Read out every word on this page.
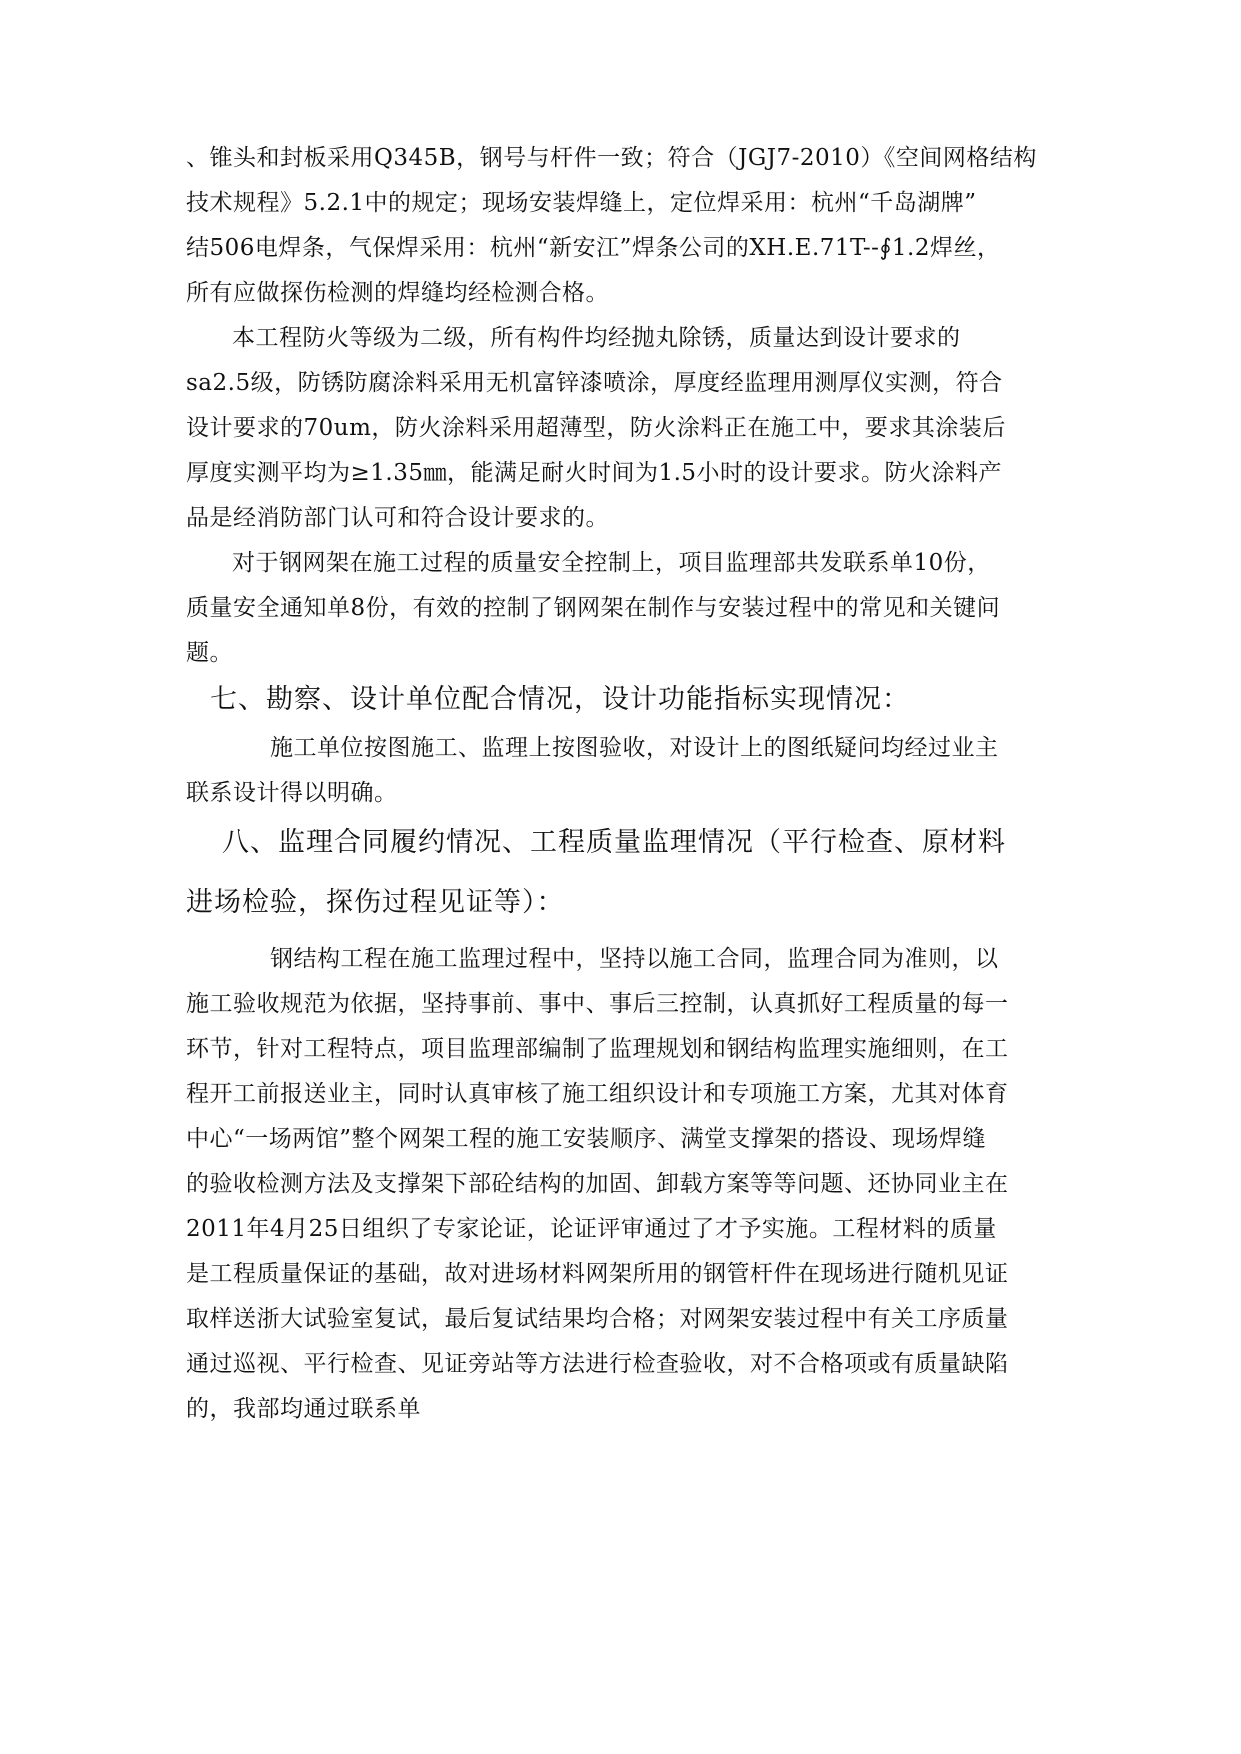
、锥头和封板采用Q345B，钢号与杆件一致；符合（JGJ7-2010）《空间网格结构
技术规程》5.2.1中的规定；现场安装焊缝上，定位焊采用：杭州“千岛湖牌”
结506电焊条，气保焊采用：杭州“新安江”焊条公司的XH.E.71T--∮1.2焊丝，
所有应做探伤检测的焊缝均经检测合格。
本工程防火等级为二级，所有构件均经抛丸除锈，质量达到设计要求的
sa2.5级，防锈防腐涂料采用无机富锌漆喷涂，厚度经监理用测厚仪实测，符合
设计要求的70um，防火涂料采用超薄型，防火涂料正在施工中，要求其涂装后
厚度实测平均为≥1.35㎜，能满足耐火时间为1.5小时的设计要求。防火涂料产
品是经消防部门认可和符合设计要求的。
对于钢网架在施工过程的质量安全控制上，项目监理部共发联系单10份，
质量安全通知单8份，有效的控制了钢网架在制作与安装过程中的常见和关键问
题。
七、勘察、设计单位配合情况，设计功能指标实现情况：
施工单位按图施工、监理上按图验收，对设计上的图纸疑问均经过业主
联系设计得以明确。
八、监理合同履约情况、工程质量监理情况（平行检查、原材料
进场检验，探伤过程见证等）：
钢结构工程在施工监理过程中，坚持以施工合同，监理合同为准则，以
施工验收规范为依据，坚持事前、事中、事后三控制，认真抓好工程质量的每一
环节，针对工程特点，项目监理部编制了监理规划和钢结构监理实施细则，在工
程开工前报送业主，同时认真审核了施工组织设计和专项施工方案，尤其对体育
中心“一场两馆”整个网架工程的施工安装顺序、满堂支撑架的搭设、现场焊缝
的验收检测方法及支撑架下部砼结构的加固、卸载方案等等问题、还协同业主在
2011年4月25日组织了专家论证，论证评审通过了才予实施。工程材料的质量
是工程质量保证的基础，故对进场材料网架所用的钢管杆件在现场进行随机见证
取样送浙大试验室复试，最后复试结果均合格；对网架安装过程中有关工序质量
通过巡视、平行检查、见证旁站等方法进行检查验收，对不合格项或有质量缺陷
的，我部均通过联系单
